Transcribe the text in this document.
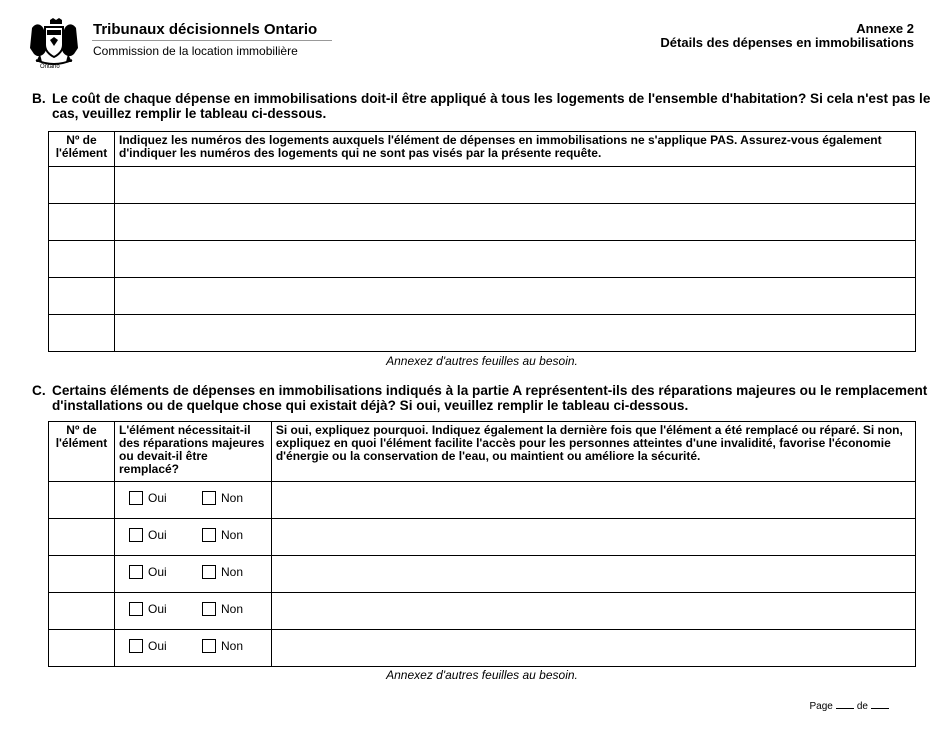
Ontario
Tribunaux décisionnels Ontario
Commission de la location immobilière
Annexe 2
Détails des dépenses en immobilisations
B. Le coût de chaque dépense en immobilisations doit-il être appliqué à tous les logements de l'ensemble d'habitation? Si cela n'est pas le cas, veuillez remplir le tableau ci-dessous.
Nº de l'élément	Indiquez les numéros des logements auxquels l'élément de dépenses en immobilisations ne s'applique PAS. Assurez-vous également d'indiquer les numéros des logements qui ne sont pas visés par la présente requête.

Annexez d'autres feuilles au besoin.
C. Certains éléments de dépenses en immobilisations indiqués à la partie A représentent-ils des réparations majeures ou le remplacement d'installations ou de quelque chose qui existait déjà? Si oui, veuillez remplir le tableau ci-dessous.
Nº de l'élément	L'élément nécessitait-il des réparations majeures ou devait-il être remplacé?	Si oui, expliquez pourquoi. Indiquez également la dernière fois que l'élément a été remplacé ou réparé. Si non, expliquez en quoi l'élément facilite l'accès pour les personnes atteintes d'une invalidité, favorise l'économie d'énergie ou la conservation de l'eau, ou maintient ou améliore la sécurité.

	Oui Non	

	Oui Non	

	Oui Non	

	Oui Non	

	Oui Non	

Annexez d'autres feuilles au besoin.
Page de
